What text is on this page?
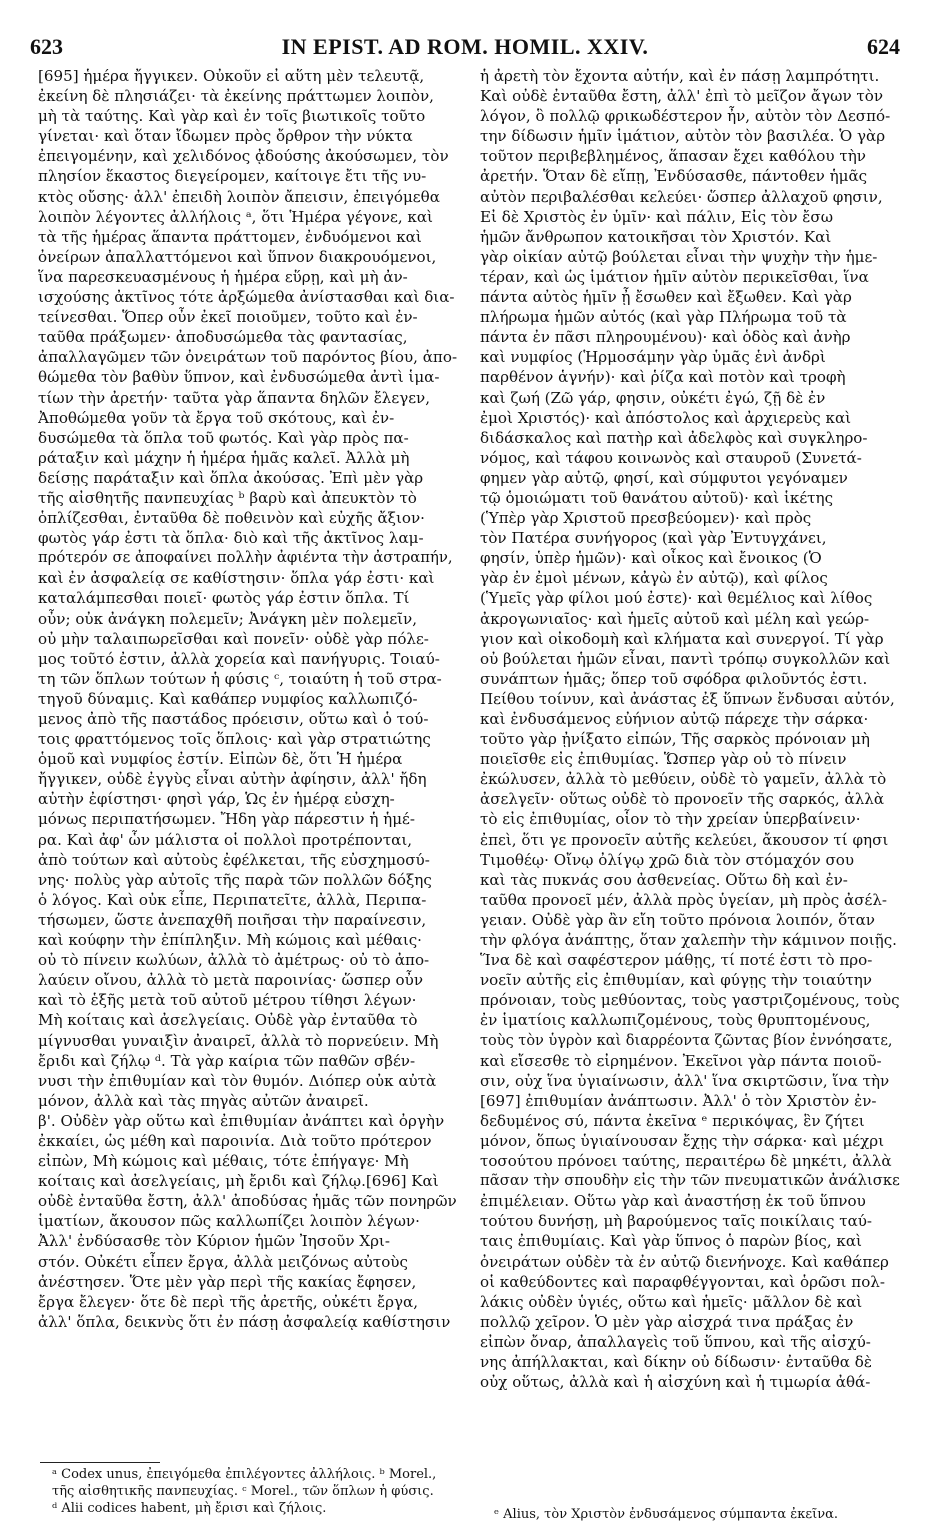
623	IN EPIST. AD ROM. HOMIL. XXIV.	624
[695] ἡμέρα ἤγγικεν. Οὐκοῦν εἰ αὕτη μὲν τελευτᾷ,
ἐκείνη δὲ πλησιάζει· τὰ ἐκείνης πράττωμεν λοιπὸν,
μὴ τὰ ταύτης. Καὶ γὰρ καὶ ἐν τοῖς βιωτικοῖς τοῦτο
γίνεται· καὶ ὅταν ἴδωμεν πρὸς ὄρθρον τὴν νύκτα
ἐπειγομένην, καὶ χελιδόνος ᾀδούσης ἀκούσωμεν, τὸν
πλησίον ἕκαστος διεγείρομεν, καίτοιγε ἔτι τῆς νυ-
κτὸς οὔσης· ἀλλ' ἐπειδὴ λοιπὸν ἄπεισιν, ἐπειγόμεθα
λοιπὸν λέγοντες ἀλλήλοις ᵃ, ὅτι Ἡμέρα γέγονε, καὶ
τὰ τῆς ἡμέρας ἅπαντα πράττομεν, ἐνδυόμενοι καὶ
ὀνείρων ἀπαλλαττόμενοι καὶ ὕπνον διακρουόμενοι,
ἵνα παρεσκευασμένους ἡ ἡμέρα εὕρῃ, καὶ μὴ ἀν-
ισχούσης ἀκτῖνος τότε ἀρξώμεθα ἀνίστασθαι καὶ δια-
τείνεσθαι. Ὅπερ οὖν ἐκεῖ ποιοῦμεν, τοῦτο καὶ ἐν-
ταῦθα πράξωμεν· ἀποδυσώμεθα τὰς φαντασίας,
ἀπαλλαγῶμεν τῶν ὀνειράτων τοῦ παρόντος βίου, ἀπο-
θώμεθα τὸν βαθὺν ὕπνον, καὶ ἐνδυσώμεθα ἀντὶ ἱμα-
τίων τὴν ἀρετήν· ταῦτα γὰρ ἅπαντα δηλῶν ἔλεγεν,
Ἀποθώμεθα γοῦν τὰ ἔργα τοῦ σκότους, καὶ ἐν-
δυσώμεθα τὰ ὅπλα τοῦ φωτός. Καὶ γὰρ πρὸς πα-
ράταξιν καὶ μάχην ἡ ἡμέρα ἡμᾶς καλεῖ. Ἀλλὰ μὴ
δείσῃς παράταξιν καὶ ὅπλα ἀκούσας. Ἐπὶ μὲν γὰρ
τῆς αἰσθητῆς πανπευχίας ᵇ βαρὺ καὶ ἀπευκτὸν τὸ
ὁπλίζεσθαι, ἐνταῦθα δὲ ποθεινὸν καὶ εὐχῆς ἄξιον·
φωτὸς γάρ ἐστι τὰ ὅπλα· διὸ καὶ τῆς ἀκτῖνος λαμ-
πρότερόν σε ἀποφαίνει πολλὴν ἀφιέντα τὴν ἀστραπήν,
καὶ ἐν ἀσφαλείᾳ σε καθίστησιν· ὅπλα γάρ ἐστι· καὶ
καταλάμπεσθαι ποιεῖ· φωτὸς γάρ ἐστιν ὅπλα. Τί
οὖν; οὐκ ἀνάγκη πολεμεῖν; Ἀνάγκη μὲν πολεμεῖν,
οὐ μὴν ταλαιπωρεῖσθαι καὶ πονεῖν· οὐδὲ γὰρ πόλε-
μος τοῦτό ἐστιν, ἀλλὰ χορεία καὶ πανήγυρις. Τοιαύ-
τη τῶν ὅπλων τούτων ἡ φύσις ᶜ, τοιαύτη ἡ τοῦ στρα-
τηγοῦ δύναμις. Καὶ καθάπερ νυμφίος καλλωπιζό-
μενος ἀπὸ τῆς παστάδος πρόεισιν, οὕτω καὶ ὁ τού-
τοις φραττόμενος τοῖς ὅπλοις· καὶ γὰρ στρατιώτης
ὁμοῦ καὶ νυμφίος ἐστίν. Εἰπὼν δὲ, ὅτι Ἡ ἡμέρα
ἤγγικεν, οὐδὲ ἐγγὺς εἶναι αὐτὴν ἀφίησιν, ἀλλ' ἤδη
αὐτὴν ἐφίστησι· φησὶ γάρ, Ὡς ἐν ἡμέρᾳ εὐσχη-
μόνως περιπατήσωμεν. Ἤδη γὰρ πάρεστιν ἡ ἡμέ-
ρα. Καὶ ἀφ' ὧν μάλιστα οἱ πολλοὶ προτρέπονται,
ἀπὸ τούτων καὶ αὐτοὺς ἐφέλκεται, τῆς εὐσχημοσύ-
νης· πολὺς γὰρ αὐτοῖς τῆς παρὰ τῶν πολλῶν δόξης
ὁ λόγος. Καὶ οὐκ εἶπε, Περιπατεῖτε, ἀλλὰ, Περιπα-
τήσωμεν, ὥστε ἀνεπαχθῆ ποιῆσαι τὴν παραίνεσιν,
καὶ κούφην τὴν ἐπίπληξιν. Μὴ κώμοις καὶ μέθαις·
οὐ τὸ πίνειν κωλύων, ἀλλὰ τὸ ἀμέτρως· οὐ τὸ ἀπο-
λαύειν οἴνου, ἀλλὰ τὸ μετὰ παροινίας· ὥσπερ οὖν
καὶ τὸ ἑξῆς μετὰ τοῦ αὐτοῦ μέτρου τίθησι λέγων·
Μὴ κοίταις καὶ ἀσελγείαις. Οὐδὲ γὰρ ἐνταῦθα τὸ
μίγνυσθαι γυναιξὶν ἀναιρεῖ, ἀλλὰ τὸ πορνεύειν. Μὴ
ἔριδι καὶ ζήλῳ ᵈ. Τὰ γὰρ καίρια τῶν παθῶν σβέν-
νυσι τὴν ἐπιθυμίαν καὶ τὸν θυμόν. Διόπερ οὐκ αὐτὰ
μόνον, ἀλλὰ καὶ τὰς πηγὰς αὐτῶν ἀναιρεῖ.
β'. Οὐδὲν γὰρ οὕτω καὶ ἐπιθυμίαν ἀνάπτει καὶ ὀργὴν
ἐκκαίει, ὡς μέθη καὶ παροινία. Διὰ τοῦτο πρότερον
εἰπὼν, Μὴ κώμοις καὶ μέθαις, τότε ἐπήγαγε· Μὴ
κοίταις καὶ ἀσελγείαις, μὴ ἔριδι καὶ ζήλῳ.[696] Καὶ
οὐδὲ ἐνταῦθα ἔστη, ἀλλ' ἀποδύσας ἡμᾶς τῶν πονηρῶν
ἱματίων, ἄκουσον πῶς καλλωπίζει λοιπὸν λέγων·
Ἀλλ' ἐνδύσασθε τὸν Κύριον ἡμῶν Ἰησοῦν Χρι-
στόν. Οὐκέτι εἶπεν ἔργα, ἀλλὰ μειζόνως αὐτοὺς
ἀνέστησεν. Ὅτε μὲν γὰρ περὶ τῆς κακίας ἔφησεν,
ἔργα ἔλεγεν· ὅτε δὲ περὶ τῆς ἀρετῆς, οὐκέτι ἔργα,
ἀλλ' ὅπλα, δεικνὺς ὅτι ἐν πάσῃ ἀσφαλείᾳ καθίστησιν
ἡ ἀρετὴ τὸν ἔχοντα αὐτήν, καὶ ἐν πάσῃ λαμπρότητι.
Καὶ οὐδὲ ἐνταῦθα ἔστη, ἀλλ' ἐπὶ τὸ μεῖζον ἄγων τὸν
λόγον, ὃ πολλῷ φρικωδέστερον ἦν, αὐτὸν τὸν Δεσπό-
την δίδωσιν ἡμῖν ἱμάτιον, αὐτὸν τὸν βασιλέα. Ὁ γὰρ
τοῦτον περιβεβλημένος, ἅπασαν ἔχει καθόλου τὴν
ἀρετήν. Ὅταν δὲ εἴπῃ, Ἐνδύσασθε, πάντοθεν ἡμᾶς
αὐτὸν περιβαλέσθαι κελεύει· ὥσπερ ἀλλαχοῦ φησιν,
Εἰ δὲ Χριστὸς ἐν ὑμῖν· καὶ πάλιν, Εἰς τὸν ἔσω
ἡμῶν ἄνθρωπον κατοικῆσαι τὸν Χριστόν. Καὶ
γὰρ οἰκίαν αὐτῷ βούλεται εἶναι τὴν ψυχὴν τὴν ἡμε-
τέραν, καὶ ὡς ἱμάτιον ἡμῖν αὐτὸν περικεῖσθαι, ἵνα
πάντα αὐτὸς ἡμῖν ᾖ ἔσωθεν καὶ ἔξωθεν. Καὶ γὰρ
πλήρωμα ἡμῶν αὐτός (καὶ γὰρ Πλήρωμα τοῦ τὰ
πάντα ἐν πᾶσι πληρουμένου)· καὶ ὁδὸς καὶ ἀνὴρ
καὶ νυμφίος (Ἡρμοσάμην γὰρ ὑμᾶς ἑνὶ ἀνδρὶ
παρθένον ἁγνήν)· καὶ ῥίζα καὶ ποτὸν καὶ τροφὴ
καὶ ζωή (Ζῶ γάρ, φησιν, οὐκέτι ἐγώ, ζῇ δὲ ἐν
ἐμοὶ Χριστός)· καὶ ἀπόστολος καὶ ἀρχιερεὺς καὶ
διδάσκαλος καὶ πατὴρ καὶ ἀδελφὸς καὶ συγκληρο-
νόμος, καὶ τάφου κοινωνὸς καὶ σταυροῦ (Συνετά-
φημεν γὰρ αὐτῷ, φησί, καὶ σύμφυτοι γεγόναμεν
τῷ ὁμοιώματι τοῦ θανάτου αὐτοῦ)· καὶ ἱκέτης
(Ὑπὲρ γὰρ Χριστοῦ πρεσβεύομεν)· καὶ πρὸς
τὸν Πατέρα συνήγορος (καὶ γὰρ Ἐντυγχάνει,
φησίν, ὑπὲρ ἡμῶν)· καὶ οἶκος καὶ ἔνοικος (Ὁ
γὰρ ἐν ἐμοὶ μένων, κἀγὼ ἐν αὐτῷ), καὶ φίλος
(Ὑμεῖς γὰρ φίλοι μού ἐστε)· καὶ θεμέλιος καὶ λίθος
ἀκρογωνιαῖος· καὶ ἡμεῖς αὐτοῦ καὶ μέλη καὶ γεώρ-
γιον καὶ οἰκοδομὴ καὶ κλήματα καὶ συνεργοί. Τί γὰρ
οὐ βούλεται ἡμῶν εἶναι, παντὶ τρόπῳ συγκολλῶν καὶ
συνάπτων ἡμᾶς; ὅπερ τοῦ σφόδρα φιλοῦντός ἐστι.
Πείθου τοίνυν, καὶ ἀνάστας ἐξ ὕπνων ἔνδυσαι αὐτόν,
καὶ ἐνδυσάμενος εὐήνιον αὐτῷ πάρεχε τὴν σάρκα·
τοῦτο γὰρ ᾐνίξατο εἰπών, Τῆς σαρκὸς πρόνοιαν μὴ
ποιεῖσθε εἰς ἐπιθυμίας. Ὥσπερ γὰρ οὐ τὸ πίνειν
ἐκώλυσεν, ἀλλὰ τὸ μεθύειν, οὐδὲ τὸ γαμεῖν, ἀλλὰ τὸ
ἀσελγεῖν· οὕτως οὐδὲ τὸ προνοεῖν τῆς σαρκός, ἀλλὰ
τὸ εἰς ἐπιθυμίας, οἷον τὸ τὴν χρείαν ὑπερβαίνειν·
ἐπεὶ, ὅτι γε προνοεῖν αὐτῆς κελεύει, ἄκουσον τί φησι
Τιμοθέῳ· Οἴνῳ ὀλίγῳ χρῶ διὰ τὸν στόμαχόν σου
καὶ τὰς πυκνάς σου ἀσθενείας. Οὕτω δὴ καὶ ἐν-
ταῦθα προνοεῖ μέν, ἀλλὰ πρὸς ὑγείαν, μὴ πρὸς ἀσέλ-
γειαν. Οὐδὲ γὰρ ἂν εἴη τοῦτο πρόνοια λοιπόν, ὅταν
τὴν φλόγα ἀνάπτῃς, ὅταν χαλεπὴν τὴν κάμινον ποιῇς.
Ἵνα δὲ καὶ σαφέστερον μάθῃς, τί ποτέ ἐστι τὸ προ-
νοεῖν αὐτῆς εἰς ἐπιθυμίαν, καὶ φύγῃς τὴν τοιαύτην
πρόνοιαν, τοὺς μεθύοντας, τοὺς γαστριζομένους, τοὺς
ἐν ἱματίοις καλλωπιζομένους, τοὺς θρυπτομένους,
τοὺς τὸν ὑγρὸν καὶ διαρρέοντα ζῶντας βίον ἐννόησατε,
καὶ εἴσεσθε τὸ εἰρημένον. Ἐκεῖνοι γὰρ πάντα ποιοῦ-
σιν, οὐχ ἵνα ὑγιαίνωσιν, ἀλλ' ἵνα σκιρτῶσιν, ἵνα τὴν
[697] ἐπιθυμίαν ἀνάπτωσιν. Ἀλλ' ὁ τὸν Χριστὸν ἐν-
δεδυμένος σύ, πάντα ἐκεῖνα ᵉ περικόψας, ἓν ζήτει
μόνον, ὅπως ὑγιαίνουσαν ἔχῃς τὴν σάρκα· καὶ μέχρι
τοσούτου πρόνοει ταύτης, περαιτέρω δὲ μηκέτι, ἀλλὰ
πᾶσαν τὴν σπουδὴν εἰς τὴν τῶν πνευματικῶν ἀνάλισκε
ἐπιμέλειαν. Οὕτω γὰρ καὶ ἀναστήσῃ ἐκ τοῦ ὕπνου
τούτου δυνήσῃ, μὴ βαρούμενος ταῖς ποικίλαις ταύ-
ταις ἐπιθυμίαις. Καὶ γὰρ ὕπνος ὁ παρὼν βίος, καὶ
ὀνειράτων οὐδὲν τὰ ἐν αὐτῷ διενήνοχε. Καὶ καθάπερ
οἱ καθεύδοντες καὶ παραφθέγγονται, καὶ ὁρῶσι πολ-
λάκις οὐδὲν ὑγιές, οὕτω καὶ ἡμεῖς· μᾶλλον δὲ καὶ
πολλῷ χεῖρον. Ὁ μὲν γὰρ αἰσχρά τινα πράξας ἐν
εἰπὼν ὄναρ, ἀπαλλαγεὶς τοῦ ὕπνου, καὶ τῆς αἰσχύ-
νης ἀπήλλακται, καὶ δίκην οὐ δίδωσιν· ἐνταῦθα δὲ
οὐχ οὕτως, ἀλλὰ καὶ ἡ αἰσχύνη καὶ ἡ τιμωρία ἀθά-
ᵃ Codex unus, ἐπειγόμεθα ἐπιλέγοντες ἀλλήλοις. ᵇ Morel.,
τῆς αἰσθητικῆς πανπευχίας. ᶜ Morel., τῶν ὅπλων ἡ φύσις.
ᵈ Alii codices habent, μὴ ἔρισι καὶ ζήλοις.	ᵉ Alius, τὸν Χριστὸν ἐνδυσάμενος σύμπαντα ἐκεῖνα.
